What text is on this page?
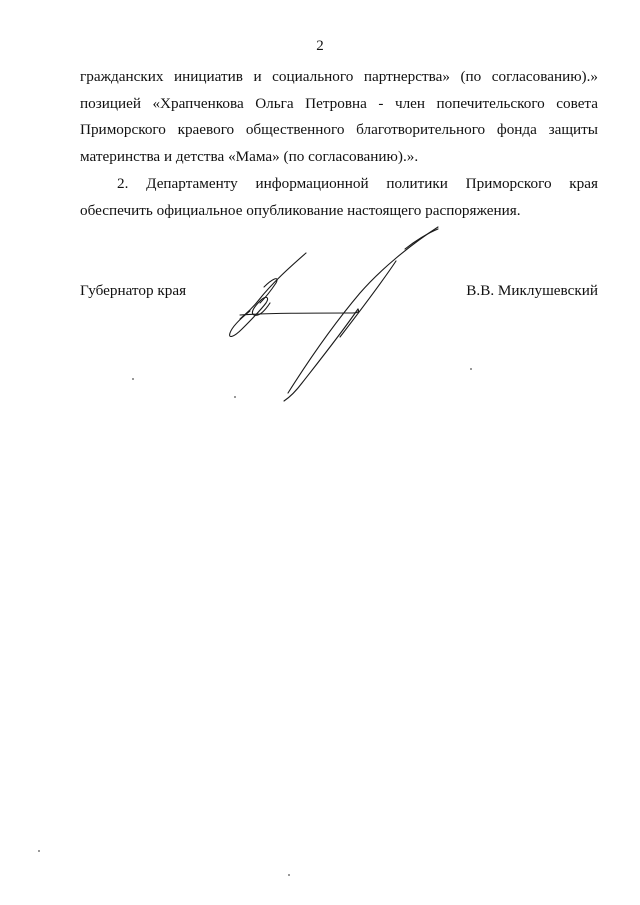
2
гражданских инициатив и социального партнерства» (по согласованию).»
позицией «Храпченкова Ольга Петровна - член попечительского совета
Приморского краевого общественного благотворительного фонда защиты
материнства и детства «Мама» (по согласованию).».
2. Департаменту информационной политики Приморского края
обеспечить официальное опубликование настоящего распоряжения.
Губернатор края	В.В. Миклушевский
